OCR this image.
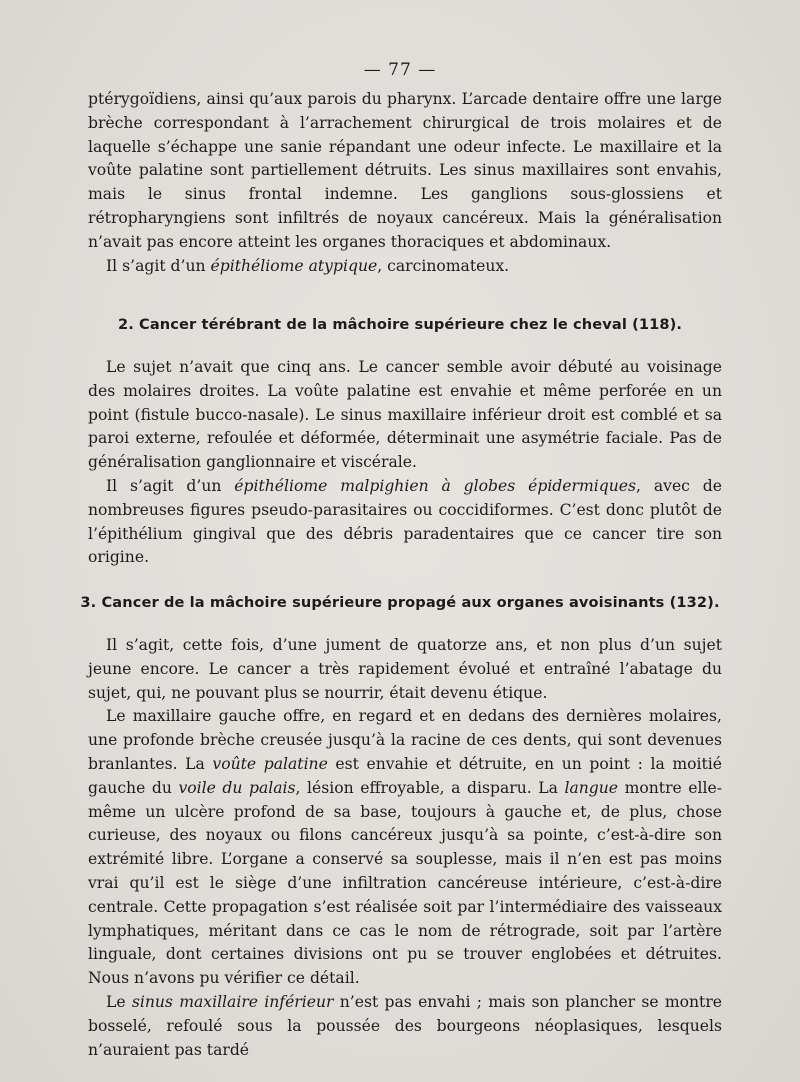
— 77 —

ptérygoïdiens, ainsi qu’aux parois du pharynx. L’arcade dentaire offre une large brèche correspondant à l’arrachement chirurgical de trois molaires et de laquelle s’échappe une sanie répandant une odeur infecte. Le maxillaire et la voûte palatine sont partiellement détruits. Les sinus maxillaires sont envahis, mais le sinus frontal indemne. Les ganglions sous-glossiens et rétropharyngiens sont infiltrés de noyaux cancéreux. Mais la généralisation n’avait pas encore atteint les organes thoraciques et abdominaux.

Il s’agit d’un épithéliome atypique, carcinomateux.

2. Cancer térébrant de la mâchoire supérieure chez le cheval (118).

Le sujet n’avait que cinq ans. Le cancer semble avoir débuté au voisinage des molaires droites. La voûte palatine est envahie et même perforée en un point (fistule bucco-nasale). Le sinus maxillaire inférieur droit est comblé et sa paroi externe, refoulée et déformée, déterminait une asymétrie faciale. Pas de généralisation ganglionnaire et viscérale.

Il s’agit d’un épithéliome malpighien à globes épidermiques, avec de nombreuses figures pseudo-parasitaires ou coccidiformes. C’est donc plutôt de l’épithélium gingival que des débris paradentaires que ce cancer tire son origine.

3. Cancer de la mâchoire supérieure propagé aux organes avoisinants (132).

Il s’agit, cette fois, d’une jument de quatorze ans, et non plus d’un sujet jeune encore. Le cancer a très rapidement évolué et entraîné l’abatage du sujet, qui, ne pouvant plus se nourrir, était devenu étique.

Le maxillaire gauche offre, en regard et en dedans des dernières molaires, une profonde brèche creusée jusqu’à la racine de ces dents, qui sont devenues branlantes. La voûte palatine est envahie et détruite, en un point : la moitié gauche du voile du palais, lésion effroyable, a disparu. La langue montre elle-même un ulcère profond de sa base, toujours à gauche et, de plus, chose curieuse, des noyaux ou filons cancéreux jusqu’à sa pointe, c’est-à-dire son extrémité libre. L’organe a conservé sa souplesse, mais il n’en est pas moins vrai qu’il est le siège d’une infiltration cancéreuse intérieure, c’est-à-dire centrale. Cette propagation s’est réalisée soit par l’intermédiaire des vaisseaux lymphatiques, méritant dans ce cas le nom de rétrograde, soit par l’artère linguale, dont certaines divisions ont pu se trouver englobées et détruites. Nous n’avons pu vérifier ce détail.

Le sinus maxillaire inférieur n’est pas envahi ; mais son plancher se montre bosselé, refoulé sous la poussée des bourgeons néoplasiques, lesquels n’auraient pas tardé
